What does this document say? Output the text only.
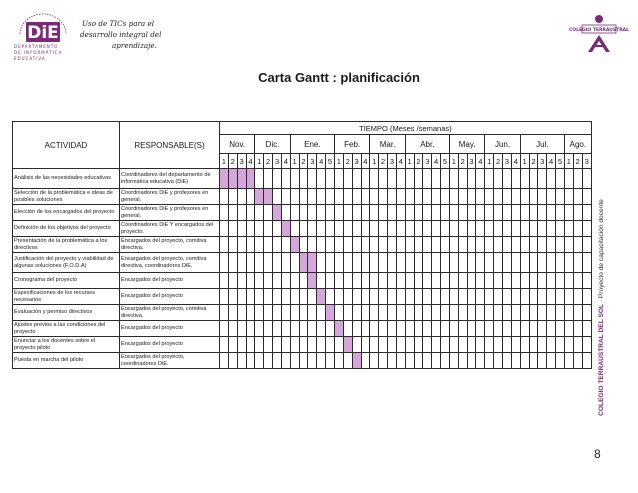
DiE
DEPARTAMENTO
DE INFORMÁTICA
EDUCATIVA
Uso de TICs para el
desarrollo integral del
aprendizaje.
COLEGIO TERRAUSTRAL
Carta Gantt : planificación
ACTIVIDAD	RESPONSABLE(S)	TIEMPO (Meses /semanas)																																									
		Nov.				Dic.				Ene.					Feb.				Mar.				Abr.					May.				Jun.				Jul.					Ago.		
		1	2	3	4	1	2	3	4	1	2	3	4	5	1	2	3	4	1	2	3	4	1	2	3	4	5	1	2	3	4	1	2	3	4	1	2	3	4	5	1	2	3
Análisis de las necesidades educativas	Coordinadores del departamento de informática educativa (DiE)																																										
Selección de la problemática e ideas de posibles soluciones	Coordinadores DiE y profesores en general.																																										
Elección de los encargados del proyecto	Coordinadores DiE y profesores en general.																																										
Definición de los objetivos del proyecto	Coordinadores DiE Y encargados del proyecto.																																										
Presentación de la problemática a los directivos	Encargados del proyecto, comitiva directiva.																																										
Justificación del proyecto y viabilidad de algunas soluciones (F.O.D.A)	Encargados del proyecto, comitiva directiva, coordinadores DiE.																																										
Cronograma del proyecto	Encargados del proyecto																																										
Especificaciones de los recursos necesarios	Encargados del proyecto																																										
Evaluación y permiso directivos	Encargados del proyecto, comitiva directiva.																																										
Ajustes previos a las condiciones del proyecto	Encargados del proyecto																																										
Enunciar a los docentes sobre el proyecto piloto	Encargados del proyecto																																										
Puesta en marcha del piloto	Encargados del proyecto, coordinadores DiE.																																											COLEGIO TERRAUSTRAL DEL SOL · Proyecto de capacitación docente
8
